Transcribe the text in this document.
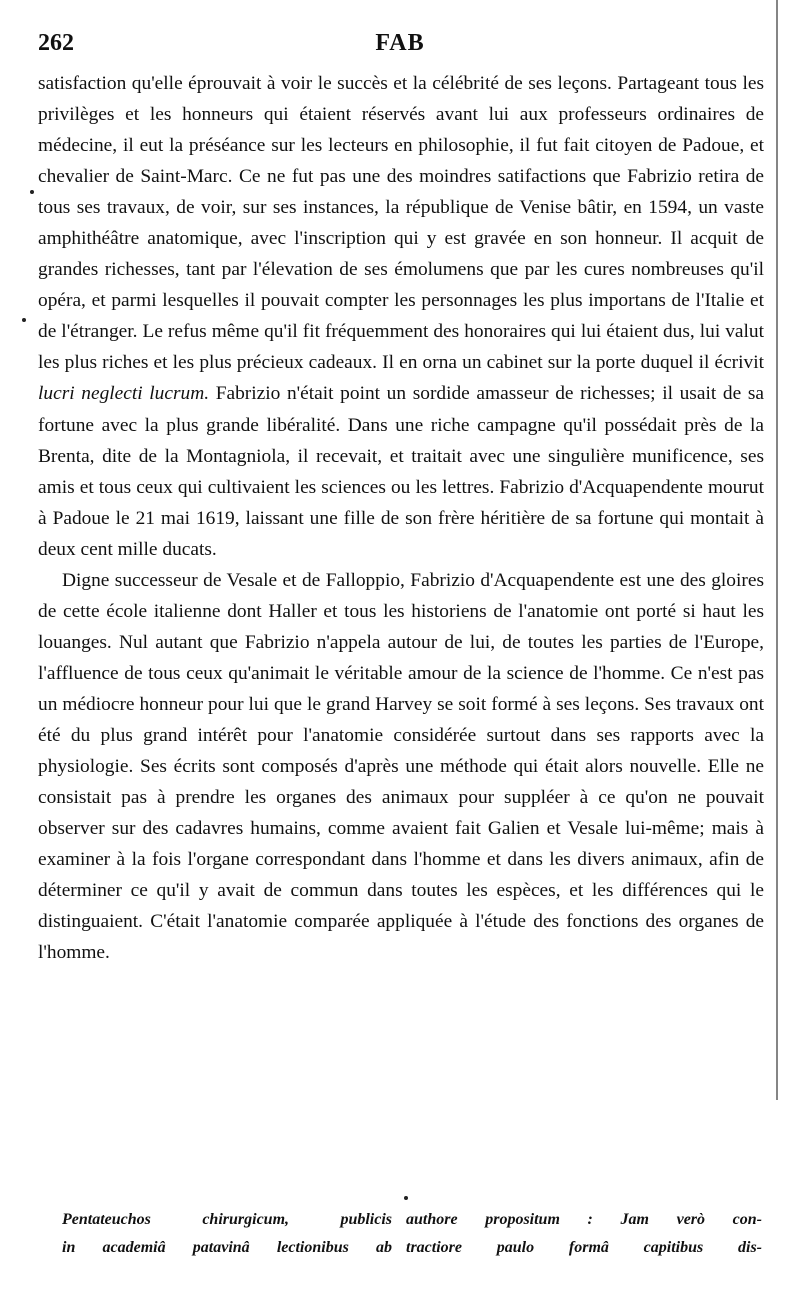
262	FAB

satisfaction qu'elle éprouvait à voir le succès et la célébrité de ses leçons. Partageant tous les privilèges et les honneurs qui étaient réservés avant lui aux professeurs ordinaires de médecine, il eut la préséance sur les lecteurs en philosophie, il fut fait citoyen de Padoue, et chevalier de Saint-Marc. Ce ne fut pas une des moindres satifactions que Fabrizio retira de tous ses travaux, de voir, sur ses instances, la république de Venise bâtir, en 1594, un vaste amphithéâtre anatomique, avec l'inscription qui y est gravée en son honneur. Il acquit de grandes richesses, tant par l'élevation de ses émolumens que par les cures nombreuses qu'il opéra, et parmi lesquelles il pouvait compter les personnages les plus importans de l'Italie et de l'étranger. Le refus même qu'il fit fréquemment des honoraires qui lui étaient dus, lui valut les plus riches et les plus précieux cadeaux. Il en orna un cabinet sur la porte duquel il écrivit lucri neglecti lucrum. Fabrizio n'était point un sordide amasseur de richesses; il usait de sa fortune avec la plus grande libéralité. Dans une riche campagne qu'il possédait près de la Brenta, dite de la Montagniola, il recevait, et traitait avec une singulière munificence, ses amis et tous ceux qui cultivaient les sciences ou les lettres. Fabrizio d'Acquapendente mourut à Padoue le 21 mai 1619, laissant une fille de son frère héritière de sa fortune qui montait à deux cent mille ducats.

Digne successeur de Vesale et de Falloppio, Fabrizio d'Acquapendente est une des gloires de cette école italienne dont Haller et tous les historiens de l'anatomie ont porté si haut les louanges. Nul autant que Fabrizio n'appela autour de lui, de toutes les parties de l'Europe, l'affluence de tous ceux qu'animait le véritable amour de la science de l'homme. Ce n'est pas un médiocre honneur pour lui que le grand Harvey se soit formé à ses leçons. Ses travaux ont été du plus grand intérêt pour l'anatomie considérée surtout dans ses rapports avec la physiologie. Ses écrits sont composés d'après une méthode qui était alors nouvelle. Elle ne consistait pas à prendre les organes des animaux pour suppléer à ce qu'on ne pouvait observer sur des cadavres humains, comme avaient fait Galien et Vesale lui-même; mais à examiner à la fois l'organe correspondant dans l'homme et dans les divers animaux, afin de déterminer ce qu'il y avait de commun dans toutes les espèces, et les différences qui le distinguaient. C'était l'anatomie comparée appliquée à l'étude des fonctions des organes de l'homme.

Pentateuchos chirurgicum, publicis
in academiâ patavinâ lectionibus ab
authore propositum : Jam verò con-
tractiore paulo formâ capitibus dis-
